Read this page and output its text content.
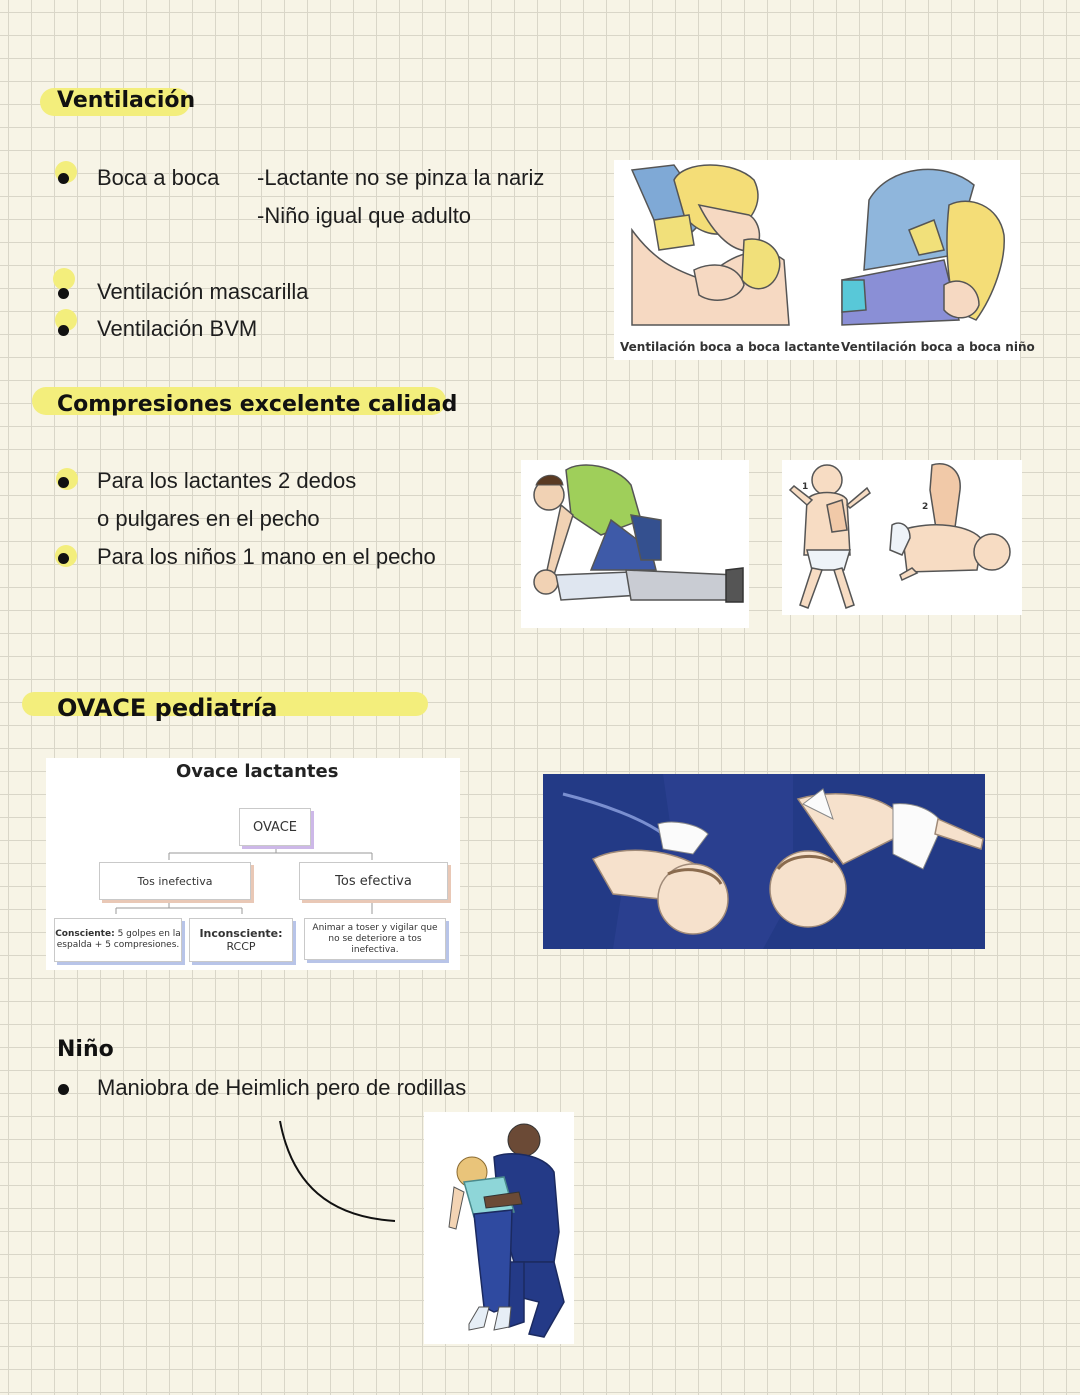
Ventilación
Boca a boca -Lactante no se pinza la nariz
-Niño igual que adulto
Ventilación mascarilla
Ventilación BVM
Ventilación boca a boca lactante Ventilación boca a boca niño
Compresiones excelente calidad
Para los lactantes 2 dedos
o pulgares en el pecho
Para los niños 1 mano en el pecho
1
2
OVACE pediatría
Ovace lactantes
OVACE
Tos inefectiva	Tos efectiva
Consciente: 5 golpes en la espalda + 5 compresiones.
Inconsciente:
RCCP
Animar a toser y vigilar que no se deteriore a tos inefectiva.
Niño
Maniobra de Heimlich pero de rodillas
